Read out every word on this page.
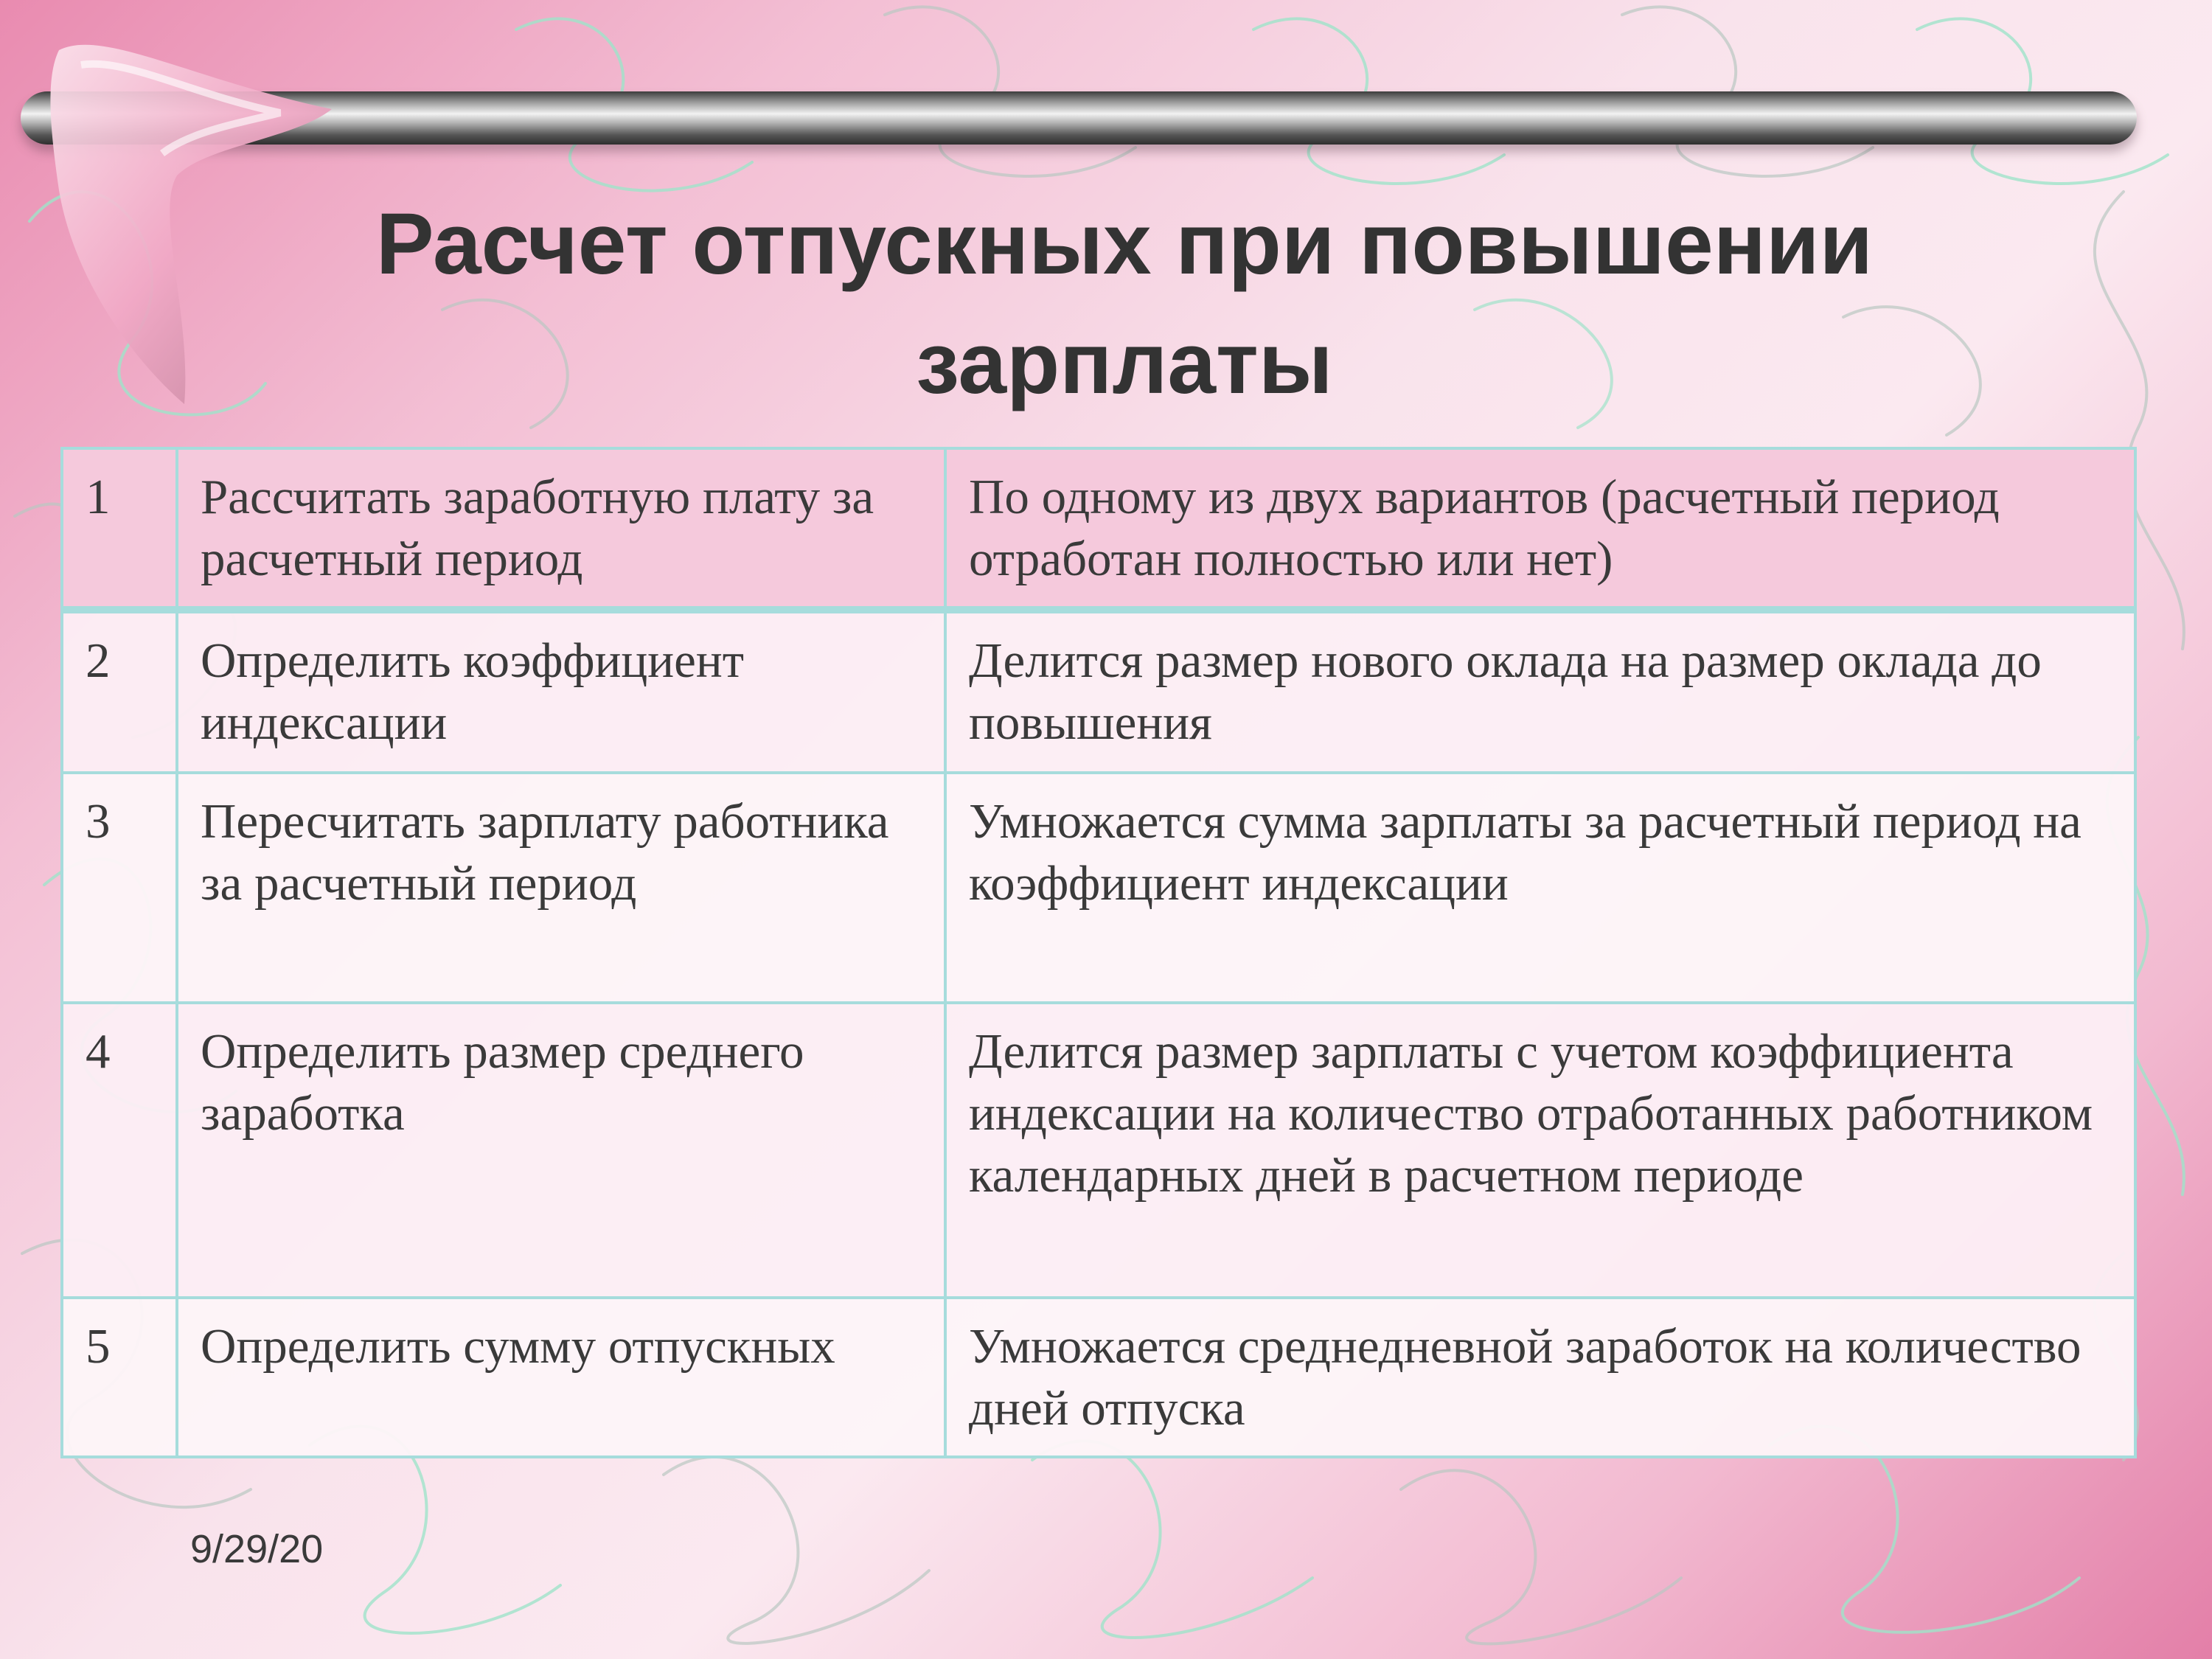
Расчет отпускных при повышении зарплаты
1	Рассчитать заработную плату за расчетный период	По одному из двух вариантов (расчетный период отработан полностью или нет)
2	Определить коэффициент индексации	Делится размер нового оклада на размер оклада до повышения
3	Пересчитать зарплату работника за расчетный период	Умножается сумма зарплаты за расчетный период на коэффициент индексации
4	Определить размер среднего заработка	Делится размер зарплаты с учетом коэффициента индексации на количество отработанных работником календарных дней в расчетном периоде
5	Определить сумму отпускных	Умножается среднедневной заработок на количество дней отпуска
9/29/20
